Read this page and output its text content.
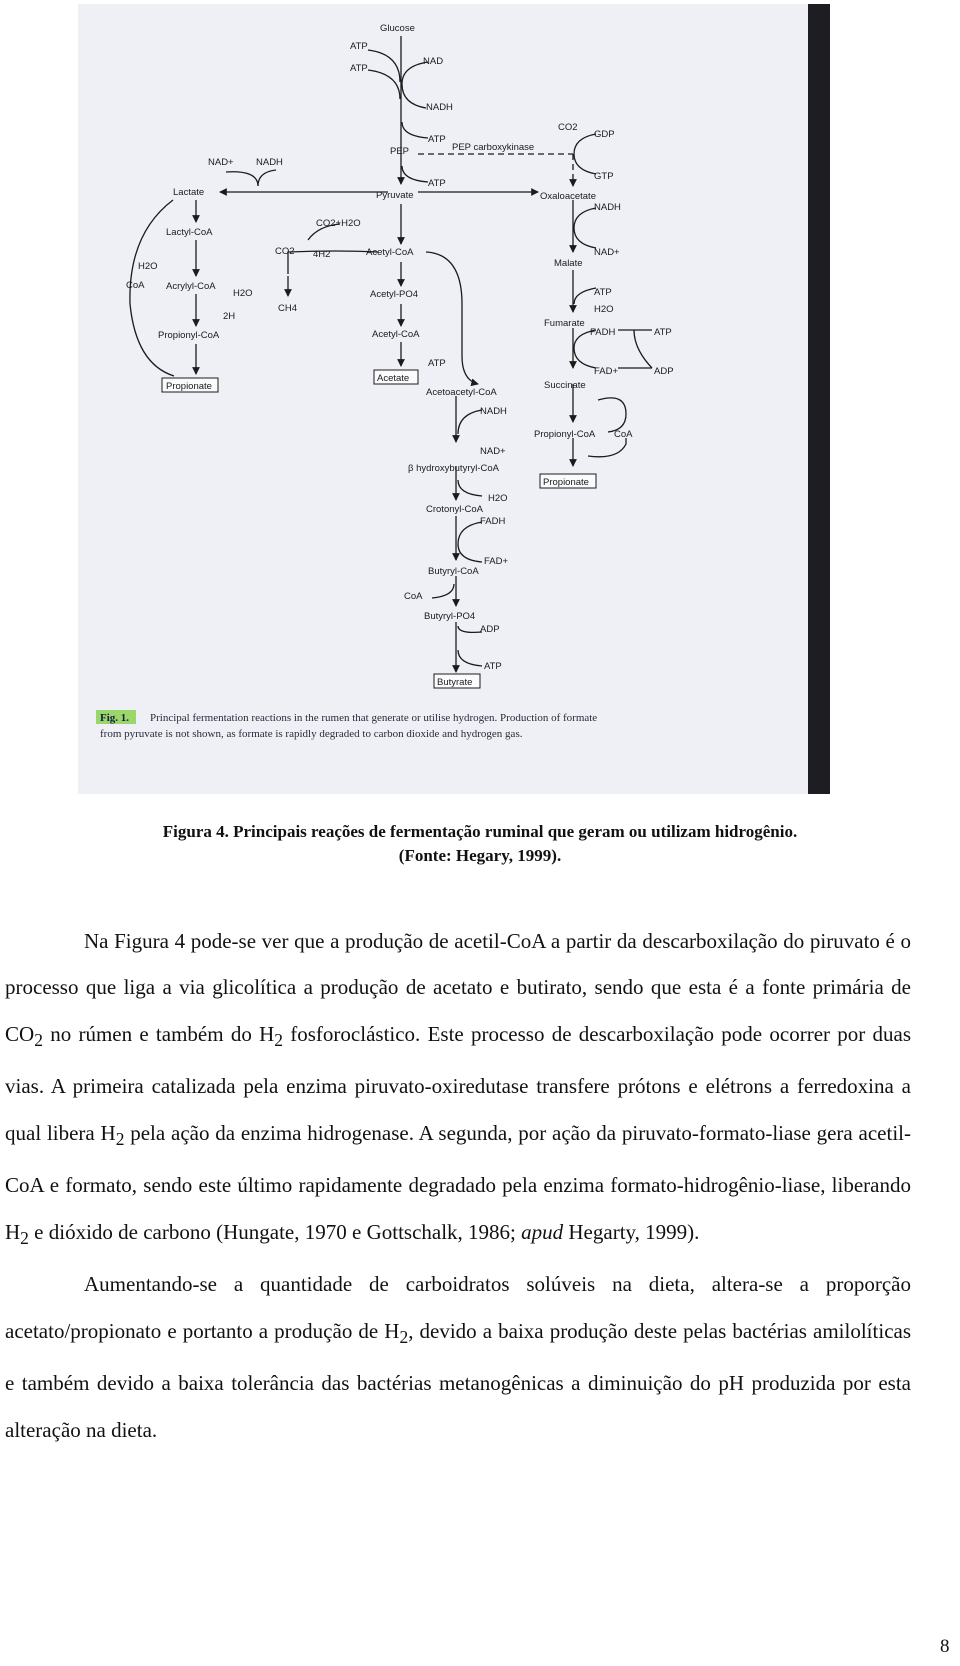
Glucose
ATP
ATP
NAD
NADH
ATP
PEP	PEP carboxykinase
CO2
GDP
GTP
ATP
Pyruvate
NAD+ NADH
Lactate	Oxaloacetate
NADH
Lactyl-CoA
CO2+H2O
H2O
CO2 4H2	Acetyl-CoA	NAD+
Malate
CoA Acrylyl-CoA
H2O	Acetyl-PO4	ATP
CH4	H2O
2H
Fumarate
FADH	ATP
Propionyl-CoA	Acetyl-CoA
ATP
FAD+	ADP
Propionate
Acetate
Succinate
Acetoacetyl-CoA
NADH
Propionyl-CoA CoA
NAD+
β hydroxybutyryl-CoA
Propionate
H2O
Crotonyl-CoA
FADH
FAD+
Butyryl-CoA
CoA
Butyryl-PO4
ADP
ATP
Butyrate
Fig. 1. Principal fermentation reactions in the rumen that generate or utilise hydrogen. Production of formate
from pyruvate is not shown, as formate is rapidly degraded to carbon dioxide and hydrogen gas.
Figura 4. Principais reações de fermentação ruminal que geram ou utilizam hidrogênio.
(Fonte: Hegary, 1999).

Na Figura 4 pode-se ver que a produção de acetil-CoA a partir da descarboxilação do piruvato é o processo que liga a via glicolítica a produção de acetato e butirato, sendo que esta é a fonte primária de $CO_2$ no rúmen e também do $H_2$ fosforoclástico. Este processo de descarboxilação pode ocorrer por duas vias. A primeira catalizada pela enzima piruvato-oxiredutase transfere prótons e elétrons a ferredoxina a qual libera $H_2$ pela ação da enzima hidrogenase. A segunda, por ação da piruvato-formato-liase gera acetil-CoA e formato, sendo este último rapidamente degradado pela enzima formato-hidrogênio-liase, liberando $H_2$ e dióxido de carbono (Hungate, 1970 e Gottschalk, 1986; apud Hegarty, 1999).

Aumentando-se a quantidade de carboidratos solúveis na dieta, altera-se a proporção acetato/propionato e portanto a produção de $H_2$, devido a baixa produção deste pelas bactérias amilolíticas e também devido a baixa tolerância das bactérias metanogênicas a diminuição do pH produzida por esta alteração na dieta.

8
